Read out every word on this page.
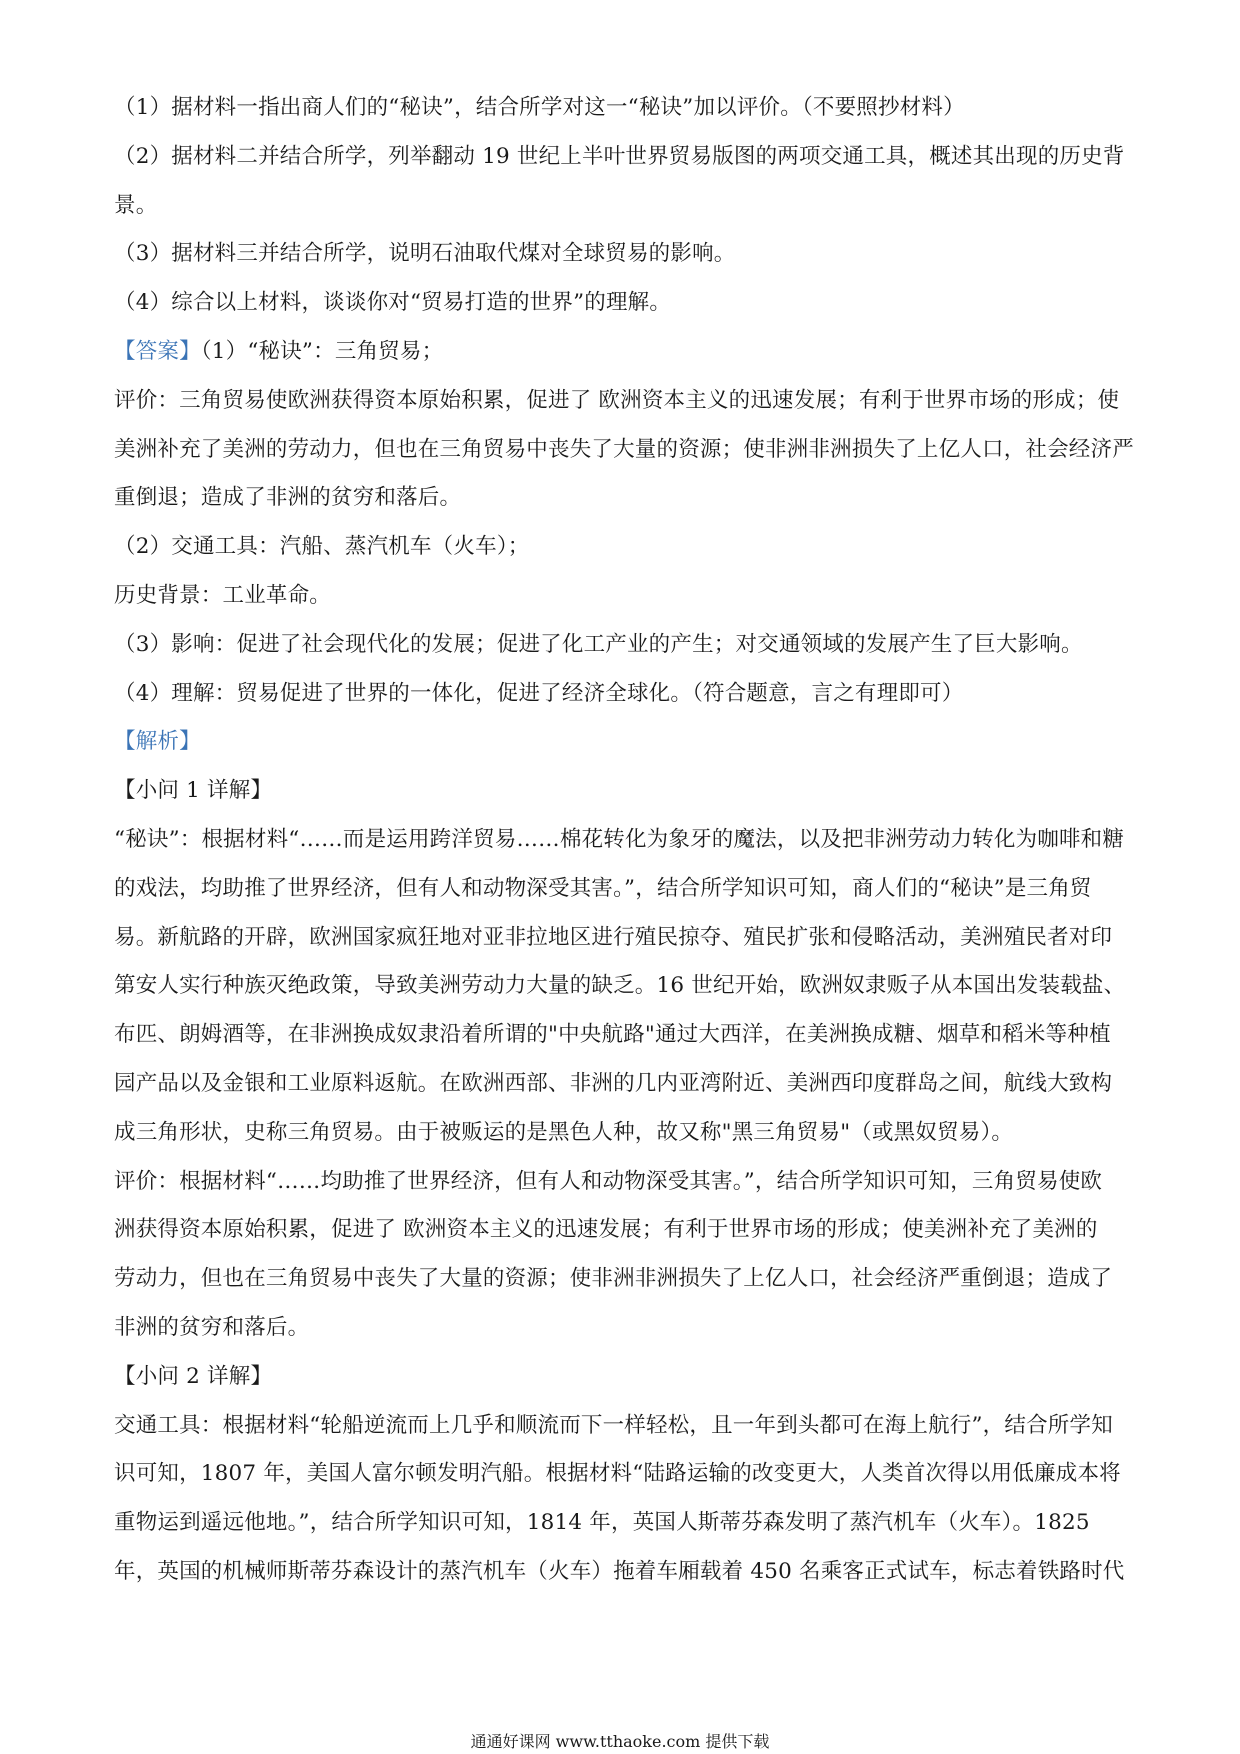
（1）据材料一指出商人们的“秘诀”，结合所学对这一“秘诀”加以评价。（不要照抄材料）
（2）据材料二并结合所学，列举翻动 19 世纪上半叶世界贸易版图的两项交通工具，概述其出现的历史背
景。
（3）据材料三并结合所学，说明石油取代煤对全球贸易的影响。
（4）综合以上材料，谈谈你对“贸易打造的世界”的理解。
【答案】（1）“秘诀”：三角贸易；
评价：三角贸易使欧洲获得资本原始积累，促进了 欧洲资本主义的迅速发展；有利于世界市场的形成；使
美洲补充了美洲的劳动力，但也在三角贸易中丧失了大量的资源；使非洲非洲损失了上亿人口，社会经济严
重倒退；造成了非洲的贫穷和落后。
（2）交通工具：汽船、蒸汽机车（火车）；
历史背景：工业革命。
（3）影响：促进了社会现代化的发展；促进了化工产业的产生；对交通领域的发展产生了巨大影响。
（4）理解：贸易促进了世界的一体化，促进了经济全球化。（符合题意，言之有理即可）
【解析】
【小问 1 详解】
“秘诀”：根据材料“……而是运用跨洋贸易……棉花转化为象牙的魔法，以及把非洲劳动力转化为咖啡和糖
的戏法，均助推了世界经济，但有人和动物深受其害。”，结合所学知识可知，商人们的“秘诀”是三角贸
易。新航路的开辟，欧洲国家疯狂地对亚非拉地区进行殖民掠夺、殖民扩张和侵略活动，美洲殖民者对印
第安人实行种族灭绝政策，导致美洲劳动力大量的缺乏。16 世纪开始，欧洲奴隶贩子从本国出发装载盐、
布匹、朗姆酒等，在非洲换成奴隶沿着所谓的"中央航路"通过大西洋，在美洲换成糖、烟草和稻米等种植
园产品以及金银和工业原料返航。在欧洲西部、非洲的几内亚湾附近、美洲西印度群岛之间，航线大致构
成三角形状，史称三角贸易。由于被贩运的是黑色人种，故又称"黑三角贸易"（或黑奴贸易）。
评价：根据材料“……均助推了世界经济，但有人和动物深受其害。”，结合所学知识可知，三角贸易使欧
洲获得资本原始积累，促进了 欧洲资本主义的迅速发展；有利于世界市场的形成；使美洲补充了美洲的
劳动力，但也在三角贸易中丧失了大量的资源；使非洲非洲损失了上亿人口，社会经济严重倒退；造成了
非洲的贫穷和落后。
【小问 2 详解】
交通工具：根据材料“轮船逆流而上几乎和顺流而下一样轻松，且一年到头都可在海上航行”，结合所学知
识可知，1807 年，美国人富尔顿发明汽船。根据材料“陆路运输的改变更大，人类首次得以用低廉成本将
重物运到遥远他地。”，结合所学知识可知，1814 年，英国人斯蒂芬森发明了蒸汽机车（火车）。1825
年，英国的机械师斯蒂芬森设计的蒸汽机车（火车）拖着车厢载着 450 名乘客正式试车，标志着铁路时代
通通好课网 www.tthaoke.com 提供下载
